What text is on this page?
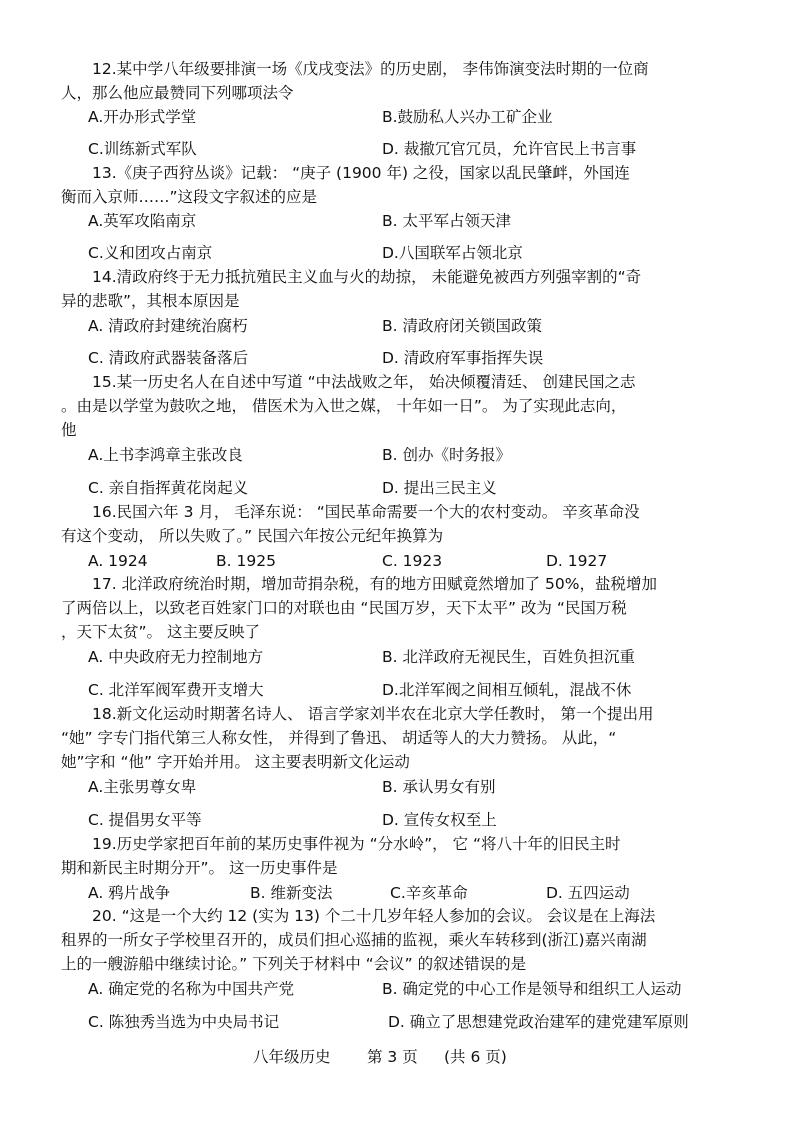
12.某中学八年级要排演一场《戊戌变法》的历史剧， 李伟饰演变法时期的一位商
人，那么他应最赞同下列哪项法令
A.开办形式学堂	B.鼓励私人兴办工矿企业
C.训练新式军队	D. 裁撤冗官冗员，允许官民上书言事
13.《庚子西狩丛谈》记载： “庚子 (1900 年) 之役，国家以乱民肇衅，外国连
衡而入京师……”这段文字叙述的应是
A.英军攻陷南京	B. 太平军占领天津
C.义和团攻占南京	D.八国联军占领北京
14.清政府终于无力抵抗殖民主义血与火的劫掠， 未能避免被西方列强宰割的“奇
异的悲歌”，其根本原因是
A. 清政府封建统治腐朽	B. 清政府闭关锁国政策
C. 清政府武器装备落后	D. 清政府军事指挥失误
15.某一历史名人在自述中写道 “中法战败之年， 始决倾覆清廷、 创建民国之志
。由是以学堂为鼓吹之地， 借医术为入世之媒， 十年如一日”。 为了实现此志向，
他
A.上书李鸿章主张改良	B. 创办《时务报》
C. 亲自指挥黄花岗起义	D. 提出三民主义
16.民国六年 3 月， 毛泽东说： “国民革命需要一个大的农村变动。 辛亥革命没
有这个变动， 所以失败了。” 民国六年按公元纪年换算为
A. 1924	B. 1925	C. 1923	D. 1927
17. 北洋政府统治时期，增加苛捐杂税，有的地方田赋竟然增加了 50%，盐税增加
了两倍以上，以致老百姓家门口的对联也由 “民国万岁，天下太平” 改为 “民国万税
，天下太贫”。 这主要反映了
A. 中央政府无力控制地方	B. 北洋政府无视民生，百姓负担沉重
C. 北洋军阀军费开支增大	D.北洋军阀之间相互倾轧，混战不休
18.新文化运动时期著名诗人、 语言学家刘半农在北京大学任教时， 第一个提出用
“她” 字专门指代第三人称女性， 并得到了鲁迅、 胡适等人的大力赞扬。 从此，“
她”字和 “他” 字开始并用。 这主要表明新文化运动
A.主张男尊女卑	B. 承认男女有别
C. 提倡男女平等	D. 宣传女权至上
19.历史学家把百年前的某历史事件视为 “分水岭”， 它 “将八十年的旧民主时
期和新民主时期分开”。 这一历史事件是
A. 鸦片战争	B. 维新变法	C.辛亥革命	D. 五四运动
20. “这是一个大约 12 (实为 13) 个二十几岁年轻人参加的会议。 会议是在上海法
租界的一所女子学校里召开的，成员们担心巡捕的监视，乘火车转移到(浙江)嘉兴南湖
上的一艘游船中继续讨论。” 下列关于材料中 “会议” 的叙述错误的是
A. 确定党的名称为中国共产党	B. 确定党的中心工作是领导和组织工人运动
C. 陈独秀当选为中央局书记	D. 确立了思想建党政治建军的建党建军原则
八年级历史 第 3 页 (共 6 页)
